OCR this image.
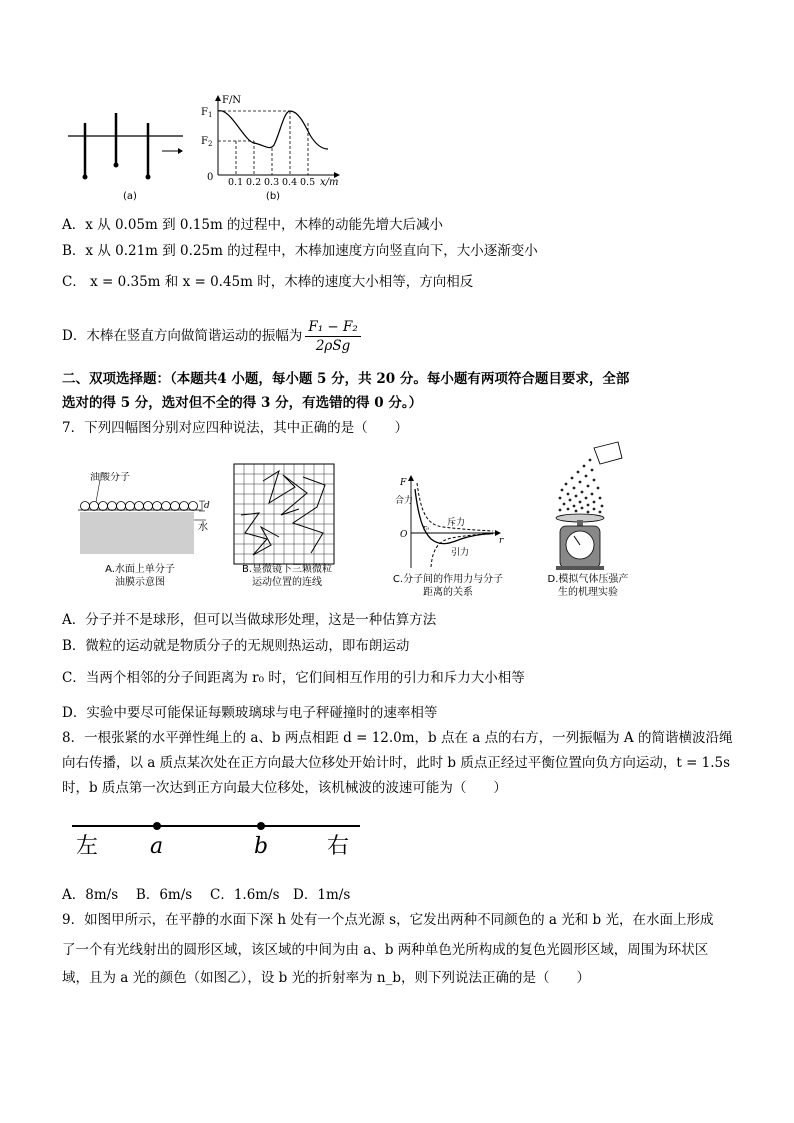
(a)
F/N
$F_1$
$F_2$
0 0.1 0.2 0.3 0.4 0.5 x/m
(b)
A．x 从 0.05m 到 0.15m 的过程中，木棒的动能先增大后减小
B．x 从 0.21m 到 0.25m 的过程中，木棒加速度方向竖直向下，大小逐渐变小
C． x = 0.35m 和 x = 0.45m 时，木棒的速度大小相等，方向相反
D．木棒在竖直方向做简谐运动的振幅为
F₁ − F₂
2ρSg
二、双项选择题：（本题共4 小题，每小题 5 分，共 20 分。每小题有两项符合题目要求，全部
选对的得 5 分，选对但不全的得 3 分，有选错的得 0 分。）
7．下列四幅图分别对应四种说法，其中正确的是（　　）
油酸分子
d
水
A.水面上单分子
油膜示意图
B.显微镜下三颗微粒
运动位置的连线
F
合力
斥力
r₀
r
O
引力
C.分子间的作用力与分子
距离的关系
D.模拟气体压强产
生的机理实验
A．分子并不是球形，但可以当做球形处理，这是一种估算方法
B．微粒的运动就是物质分子的无规则热运动，即布朗运动
C．当两个相邻的分子间距离为 r₀ 时，它们间相互作用的引力和斥力大小相等
D．实验中要尽可能保证每颗玻璃球与电子秤碰撞时的速率相等
8．一根张紧的水平弹性绳上的 a、b 两点相距 d = 12.0m，b 点在 a 点的右方，一列振幅为 A 的简谐横波沿绳
向右传播，以 a 质点某次处在正方向最大位移处开始计时，此时 b 质点正经过平衡位置向负方向运动，t = 1.5s
时，b 质点第一次达到正方向最大位移处，该机械波的波速可能为（　　）
左 a	b	右
A．8m/s　 B．6m/s　 C．1.6m/s　D．1m/s
9．如图甲所示，在平静的水面下深 h 处有一个点光源 s，它发出两种不同颜色的 a 光和 b 光，在水面上形成
了一个有光线射出的圆形区域，该区域的中间为由 a、b 两种单色光所构成的复色光圆形区域，周围为环状区
域，且为 a 光的颜色（如图乙），设 b 光的折射率为 n_b，则下列说法正确的是（　　）
